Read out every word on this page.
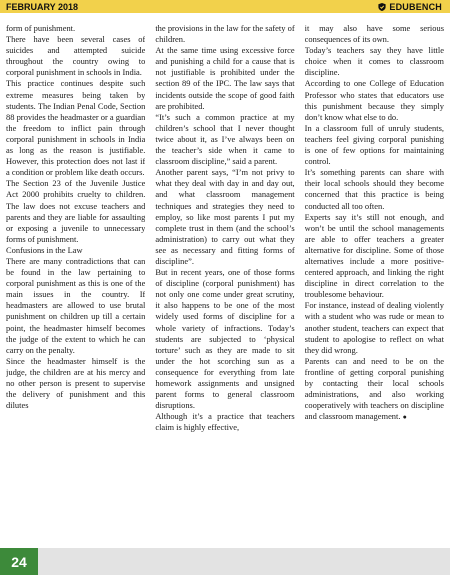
FEBRUARY 2018	EDUBENCH

form of punishment.

There have been several cases of suicides and attempted suicide throughout the country owing to corporal punishment in schools in India.

This practice continues despite such extreme measures being taken by students. The Indian Penal Code, Section 88 provides the headmaster or a guardian the freedom to inflict pain through corporal punishment in schools in India as long as the reason is justifiable. However, this protection does not last if a condition or problem like death occurs.

The Section 23 of the Juvenile Justice Act 2000 prohibits cruelty to children. The law does not excuse teachers and parents and they are liable for assaulting or exposing a juvenile to unnecessary forms of punishment.

Confusions in the Law

There are many contradictions that can be found in the law pertaining to corporal punishment as this is one of the main issues in the country. If headmasters are allowed to use brutal punishment on children up till a certain point, the headmaster himself becomes the judge of the extent to which he can carry on the penalty.

Since the headmaster himself is the judge, the children are at his mercy and no other person is present to supervise the delivery of punishment and this dilutes

the provisions in the law for the safety of children.

At the same time using excessive force and punishing a child for a cause that is not justifiable is prohibited under the section 89 of the IPC. The law says that incidents outside the scope of good faith are prohibited.

“It’s such a common practice at my children’s school that I never thought twice about it, as I’ve always been on the teacher’s side when it came to classroom discipline,” said a parent.

Another parent says, “I’m not privy to what they deal with day in and day out, and what classroom management techniques and strategies they need to employ, so like most parents I put my complete trust in them (and the school’s administration) to carry out what they see as necessary and fitting forms of discipline”.

But in recent years, one of those forms of discipline (corporal punishment) has not only one come under great scrutiny, it also happens to be one of the most widely used forms of discipline for a whole variety of infractions. Today’s students are subjected to ‘physical torture’ such as they are made to sit under the hot scorching sun as a consequence for everything from late homework assignments and unsigned parent forms to general classroom disruptions.

Although it’s a practice that teachers claim is highly effective,

it may also have some serious consequences of its own.

Today’s teachers say they have little choice when it comes to classroom discipline.

According to one College of Education Professor who states that educators use this punishment because they simply don’t know what else to do.

In a classroom full of unruly students, teachers feel giving corporal punishing is one of few options for maintaining control.

It’s something parents can share with their local schools should they become concerned that this practice is being conducted all too often.

Experts say it’s still not enough, and won’t be until the school managements are able to offer teachers a greater alternative for discipline. Some of those alternatives include a more positive-centered approach, and linking the right discipline in direct correlation to the troublesome behaviour.

For instance, instead of dealing violently with a student who was rude or mean to another student, teachers can expect that student to apologise to reflect on what they did wrong.

Parents can and need to be on the frontline of getting corporal punishing by contacting their local schools administrations, and also working cooperatively with teachers on discipline and classroom management. ●

24
